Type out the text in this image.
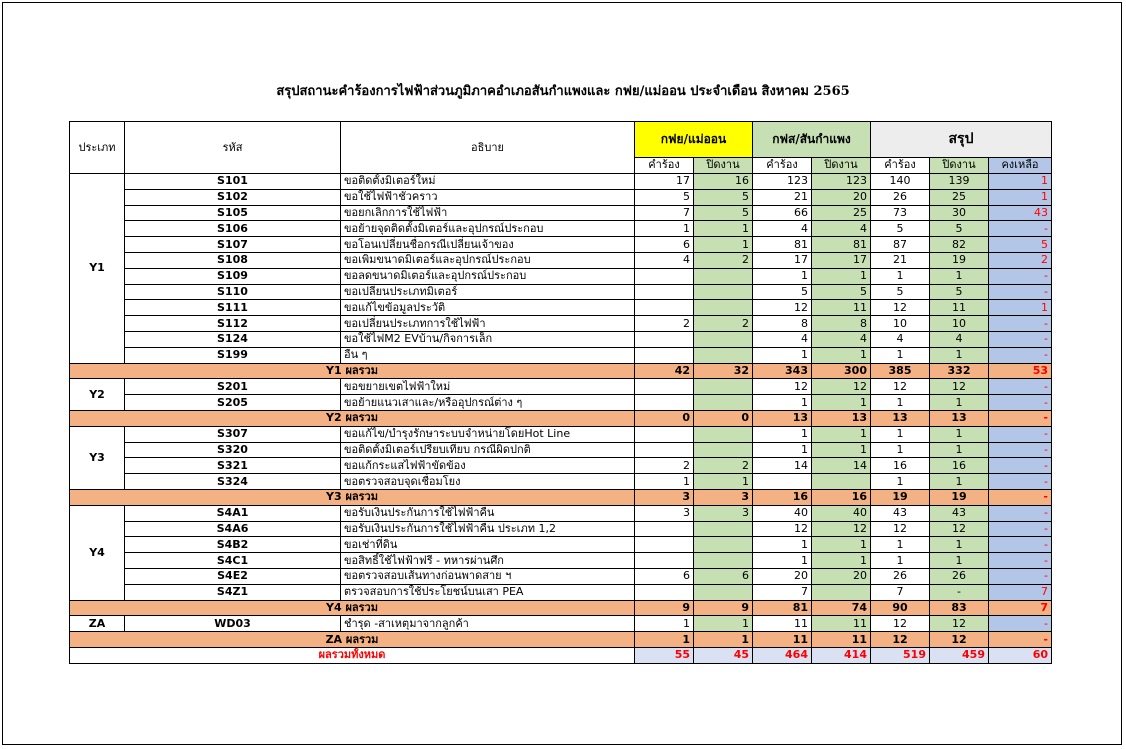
สรุปสถานะคำร้องการไฟฟ้าส่วนภูมิภาคอำเภอสันกำแพงและ กฟย/แม่ออน ประจำเดือน สิงหาคม 2565
ประเภท	รหัส	อธิบาย	กฟย/แม่ออน		กฟส/สันกำแพง		สรุป		
			คำร้อง	ปิดงาน	คำร้อง	ปิดงาน	คำร้อง	ปิดงาน	คงเหลือ
Y1	S101	ขอติดตั้งมิเตอร์ใหม่	17	16	123	123	140	139	1
	S102	ขอใช้ไฟฟ้าชั่วคราว	5	5	21	20	26	25	1
	S105	ขอยกเลิกการใช้ไฟฟ้า	7	5	66	25	73	30	43
	S106	ขอย้ายจุดติดตั้งมิเตอร์และอุปกรณ์ประกอบ	1	1	4	4	5	5	-
	S107	ขอโอนเปลี่ยนชื่อกรณีเปลี่ยนเจ้าของ	6	1	81	81	87	82	5
	S108	ขอเพิ่มขนาดมิเตอร์และอุปกรณ์ประกอบ	4	2	17	17	21	19	2
	S109	ขอลดขนาดมิเตอร์และอุปกรณ์ประกอบ			1	1	1	1	-
	S110	ขอเปลี่ยนประเภทมิเตอร์			5	5	5	5	-
	S111	ขอแก้ไขข้อมูลประวัติ			12	11	12	11	1
	S112	ขอเปลี่ยนประเภทการใช้ไฟฟ้า	2	2	8	8	10	10	-
	S124	ขอใช้ไฟM2 EVบ้าน/กิจการเล็ก			4	4	4	4	-
	S199	อื่น ๆ			1	1	1	1	-
Y1 ผลรวม			42	32	343	300	385	332	53
Y2	S201	ขอขยายเขตไฟฟ้าใหม่			12	12	12	12	-
	S205	ขอย้ายแนวเสาและ/หรืออุปกรณ์ต่าง ๆ			1	1	1	1	-
Y2 ผลรวม			0	0	13	13	13	13	-
Y3	S307	ขอแก้ไข/บำรุงรักษาระบบจำหน่ายโดยHot Line			1	1	1	1	-
	S320	ขอติดตั้งมิเตอร์เปรียบเทียบ กรณีผิดปกติ			1	1	1	1	-
	S321	ขอแก้กระแสไฟฟ้าขัดข้อง	2	2	14	14	16	16	-
	S324	ขอตรวจสอบจุดเชื่อมโยง	1	1			1	1	-
Y3 ผลรวม			3	3	16	16	19	19	-
Y4	S4A1	ขอรับเงินประกันการใช้ไฟฟ้าคืน	3	3	40	40	43	43	-
	S4A6	ขอรับเงินประกันการใช้ไฟฟ้าคืน ประเภท 1,2			12	12	12	12	-
	S4B2	ขอเช่าที่ดิน			1	1	1	1	-
	S4C1	ขอสิทธิ์ใช้ไฟฟ้าฟรี - ทหารผ่านศึก			1	1	1	1	-
	S4E2	ขอตรวจสอบเส้นทางก่อนพาดสาย ฯ	6	6	20	20	26	26	-
	S4Z1	ตรวจสอบการใช้ประโยชน์บนเสา PEA			7		7	-	7
Y4 ผลรวม			9	9	81	74	90	83	7
ZA	WD03	ชำรุด -สาเหตุมาจากลูกค้า	1	1	11	11	12	12	-
ZA ผลรวม			1	1	11	11	12	12	-
ผลรวมทั้งหมด			55	45	464	414	519	459	60
